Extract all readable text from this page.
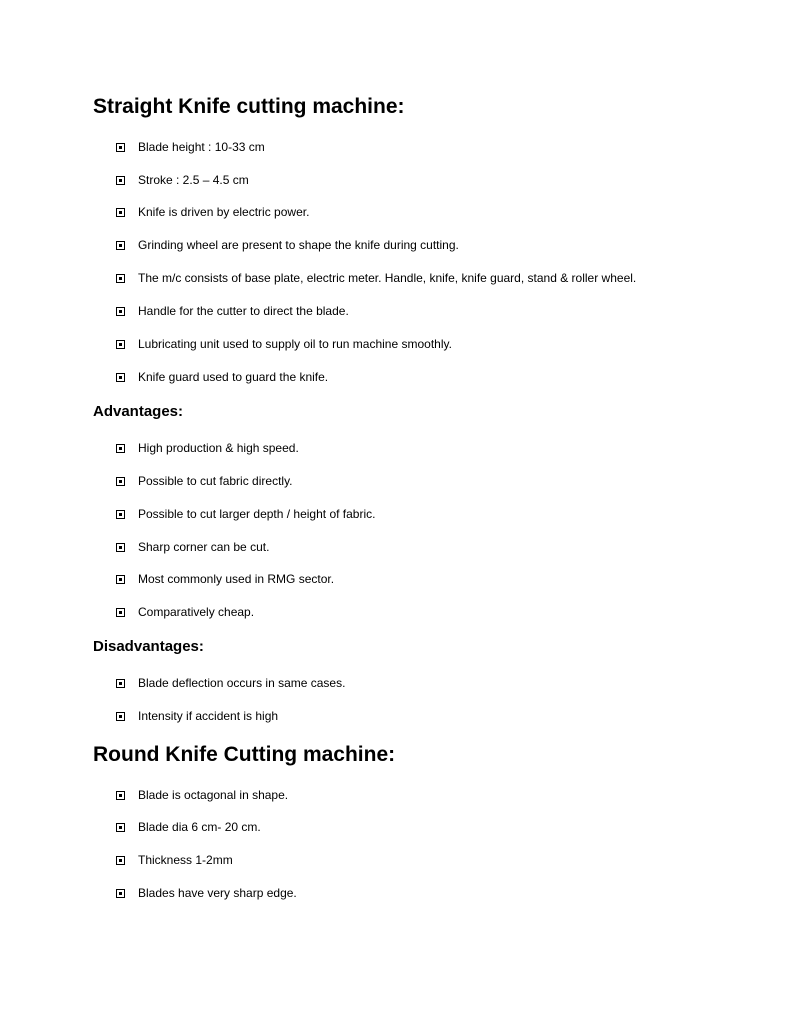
Straight Knife cutting machine:
Blade height : 10-33 cm
Stroke : 2.5 – 4.5 cm
Knife is driven by electric power.
Grinding wheel are present to shape the knife during cutting.
The m/c consists of base plate, electric meter. Handle, knife, knife guard, stand & roller wheel.
Handle for the cutter to direct the blade.
Lubricating unit used to supply oil to run machine smoothly.
Knife guard used to guard the knife.
Advantages:
High production & high speed.
Possible to cut fabric directly.
Possible to cut larger depth / height of fabric.
Sharp corner can be cut.
Most commonly used in RMG sector.
Comparatively cheap.
Disadvantages:
Blade deflection occurs in same cases.
Intensity if accident is high
Round Knife Cutting machine:
Blade is octagonal in shape.
Blade dia 6 cm- 20 cm.
Thickness 1-2mm
Blades have very sharp edge.
